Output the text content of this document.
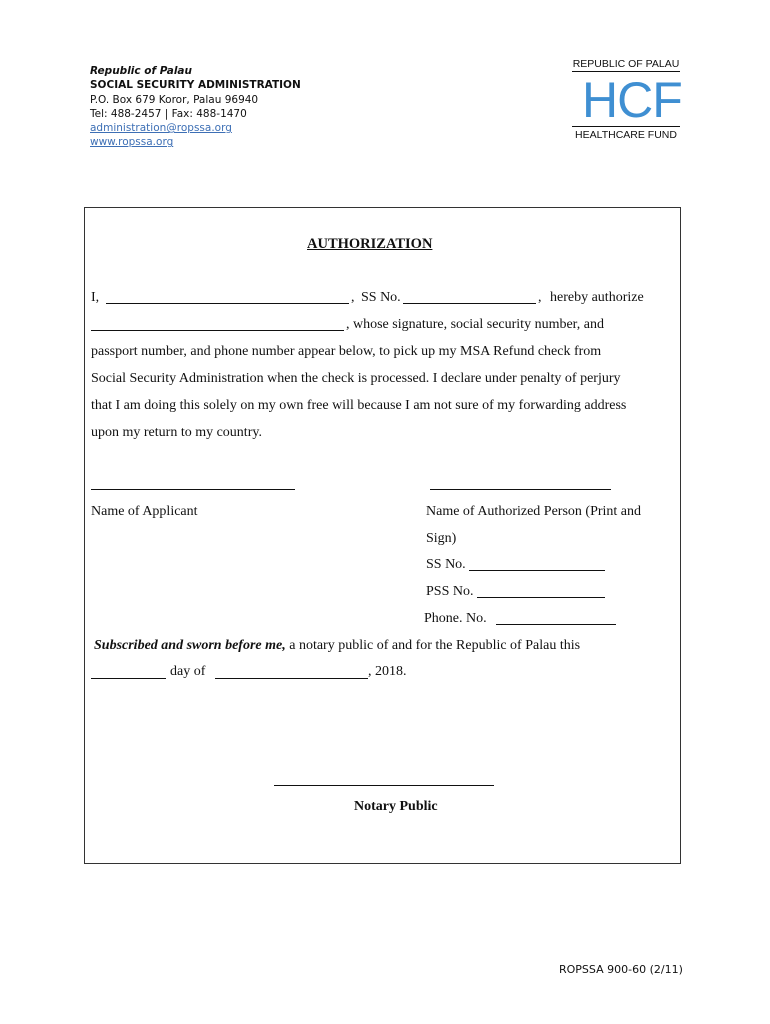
Republic of Palau
SOCIAL SECURITY ADMINISTRATION
P.O. Box 679 Koror, Palau 96940
Tel: 488-2457 | Fax: 488-1470
administration@ropssa.org
www.ropssa.org
REPUBLIC OF PALAU
HCF
HEALTHCARE FUND
AUTHORIZATION
I,	, SS No.	, hereby authorize
, whose signature, social security number, and
passport number, and phone number appear below, to pick up my MSA Refund check from
Social Security Administration when the check is processed. I declare under penalty of perjury
that I am doing this solely on my own free will because I am not sure of my forwarding address
upon my return to my country.
Name of Applicant	Name of Authorized Person (Print and
Sign)
SS No.
PSS No.
Phone. No.
Subscribed and sworn before me, a notary public of and for the Republic of Palau this
day of	, 2018.
Notary Public
ROPSSA 900-60 (2/11)
